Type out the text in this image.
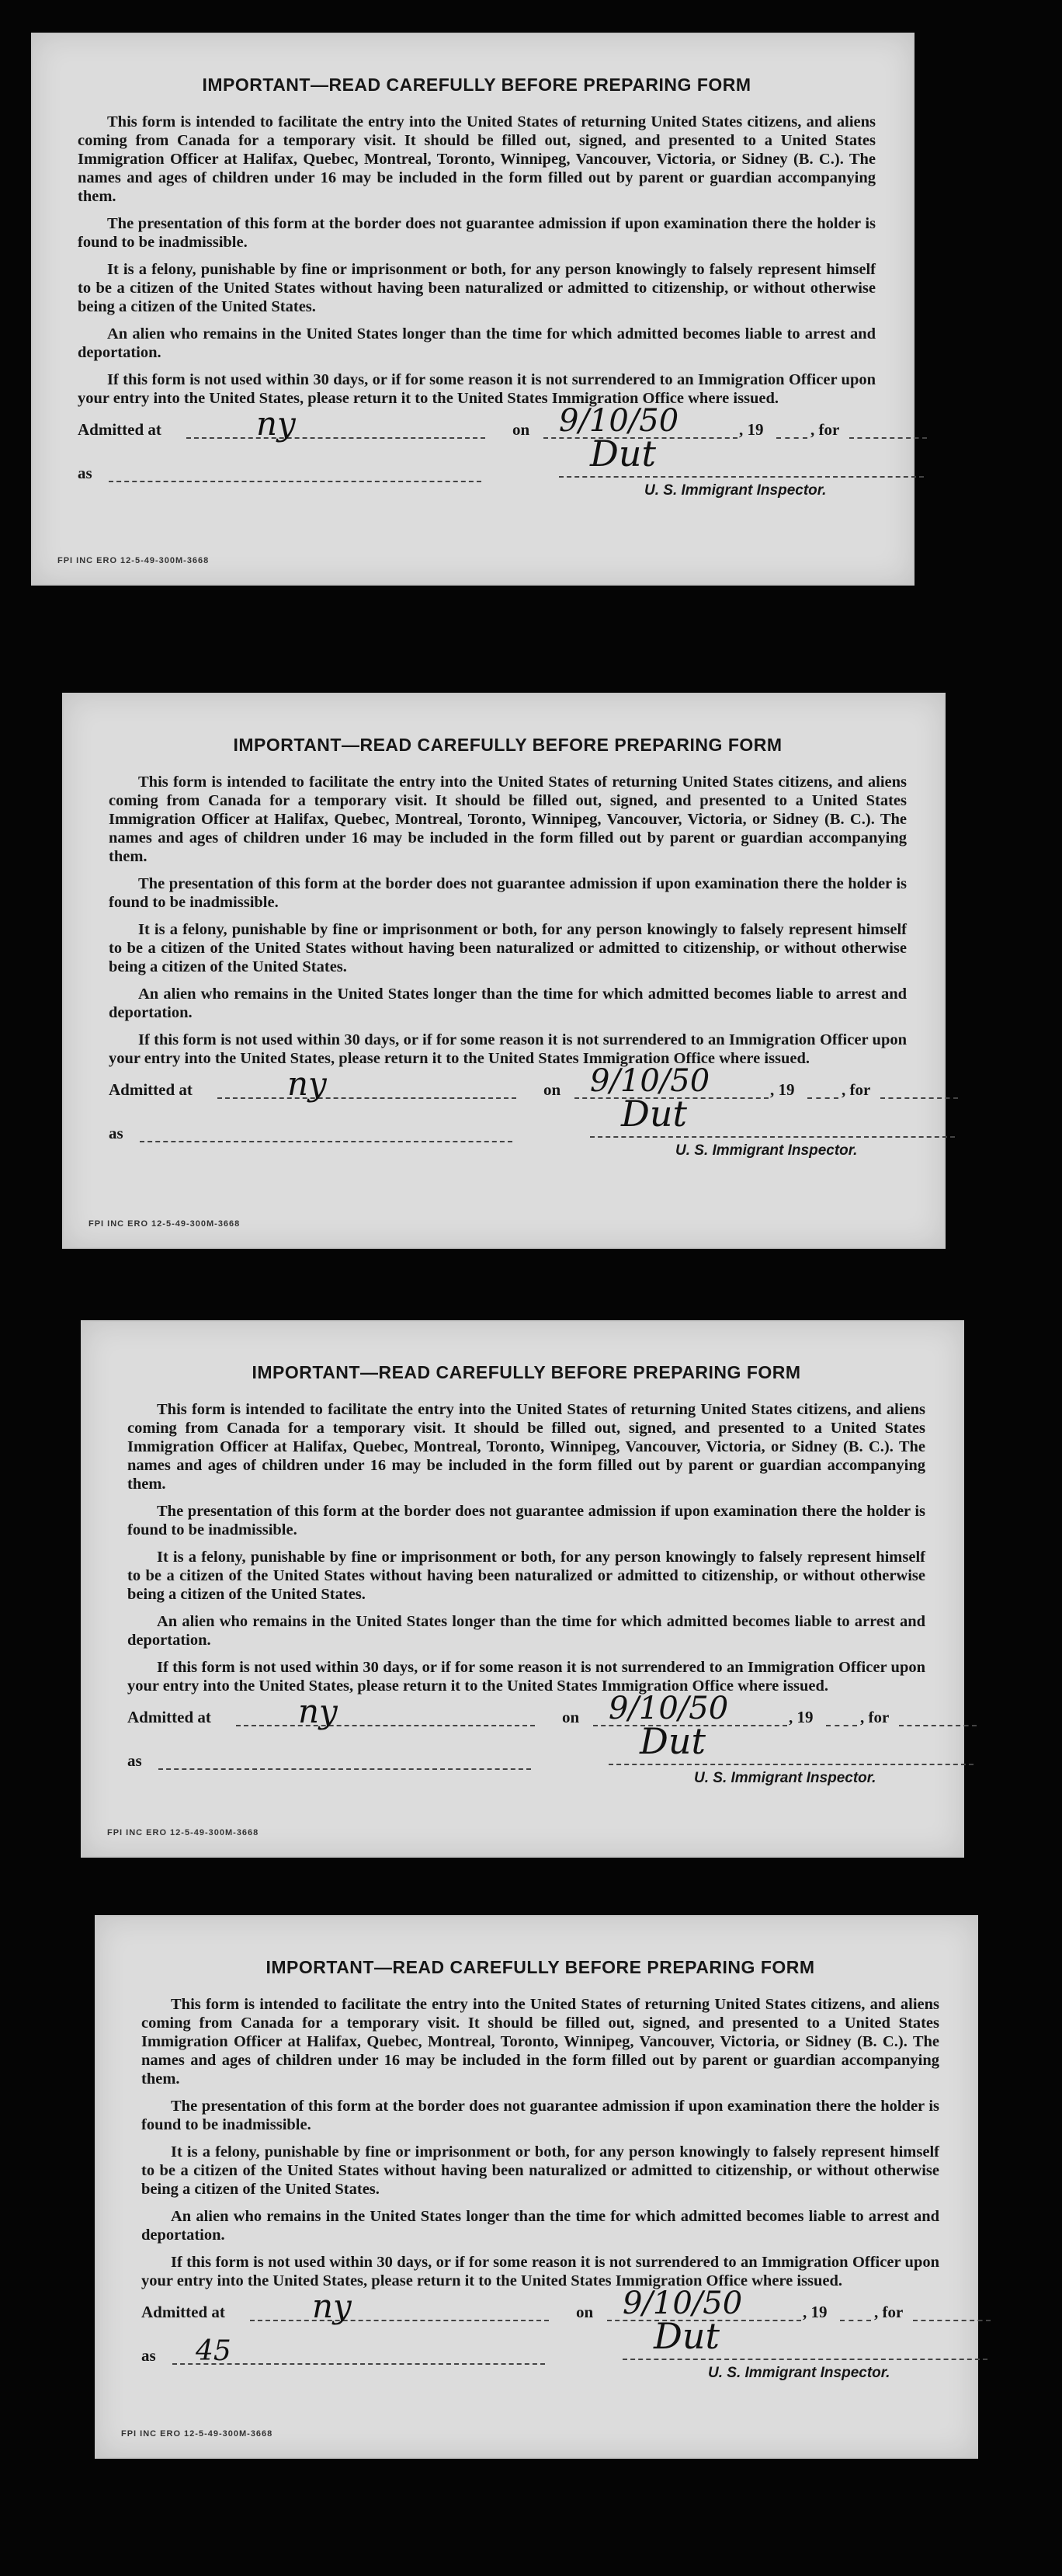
IMPORTANT—READ CAREFULLY BEFORE PREPARING FORM

This form is intended to facilitate the entry into the United States of returning United States citizens, and aliens coming from Canada for a temporary visit. It should be filled out, signed, and presented to a United States Immigration Officer at Halifax, Quebec, Montreal, Toronto, Winnipeg, Vancouver, Victoria, or Sidney (B. C.). The names and ages of children under 16 may be included in the form filled out by parent or guardian accompanying them.

The presentation of this form at the border does not guarantee admission if upon examination there the holder is found to be inadmissible.

It is a felony, punishable by fine or imprisonment or both, for any person knowingly to falsely represent himself to be a citizen of the United States without having been naturalized or admitted to citizenship, or without otherwise being a citizen of the United States.

An alien who remains in the United States longer than the time for which admitted becomes liable to arrest and deportation.

If this form is not used within 30 days, or if for some reason it is not surrendered to an Immigration Officer upon your entry into the United States, please return it to the United States Immigration Office where issued.

Admitted at	ny	on 9/10/50	, 19	, for
as	Dut
U. S. Immigrant Inspector.
FPI INC ERO 12-5-49-300M-3668
IMPORTANT—READ CAREFULLY BEFORE PREPARING FORM

This form is intended to facilitate the entry into the United States of returning United States citizens, and aliens coming from Canada for a temporary visit. It should be filled out, signed, and presented to a United States Immigration Officer at Halifax, Quebec, Montreal, Toronto, Winnipeg, Vancouver, Victoria, or Sidney (B. C.). The names and ages of children under 16 may be included in the form filled out by parent or guardian accompanying them.

The presentation of this form at the border does not guarantee admission if upon examination there the holder is found to be inadmissible.

It is a felony, punishable by fine or imprisonment or both, for any person knowingly to falsely represent himself to be a citizen of the United States without having been naturalized or admitted to citizenship, or without otherwise being a citizen of the United States.

An alien who remains in the United States longer than the time for which admitted becomes liable to arrest and deportation.

If this form is not used within 30 days, or if for some reason it is not surrendered to an Immigration Officer upon your entry into the United States, please return it to the United States Immigration Office where issued.

Admitted at	ny	on 9/10/50	, 19	, for
as	Dut
U. S. Immigrant Inspector.
FPI INC ERO 12-5-49-300M-3668
IMPORTANT—READ CAREFULLY BEFORE PREPARING FORM

This form is intended to facilitate the entry into the United States of returning United States citizens, and aliens coming from Canada for a temporary visit. It should be filled out, signed, and presented to a United States Immigration Officer at Halifax, Quebec, Montreal, Toronto, Winnipeg, Vancouver, Victoria, or Sidney (B. C.). The names and ages of children under 16 may be included in the form filled out by parent or guardian accompanying them.

The presentation of this form at the border does not guarantee admission if upon examination there the holder is found to be inadmissible.

It is a felony, punishable by fine or imprisonment or both, for any person knowingly to falsely represent himself to be a citizen of the United States without having been naturalized or admitted to citizenship, or without otherwise being a citizen of the United States.

An alien who remains in the United States longer than the time for which admitted becomes liable to arrest and deportation.

If this form is not used within 30 days, or if for some reason it is not surrendered to an Immigration Officer upon your entry into the United States, please return it to the United States Immigration Office where issued.

Admitted at	ny	on 9/10/50	, 19	, for
as	Dut
U. S. Immigrant Inspector.
FPI INC ERO 12-5-49-300M-3668
IMPORTANT—READ CAREFULLY BEFORE PREPARING FORM

This form is intended to facilitate the entry into the United States of returning United States citizens, and aliens coming from Canada for a temporary visit. It should be filled out, signed, and presented to a United States Immigration Officer at Halifax, Quebec, Montreal, Toronto, Winnipeg, Vancouver, Victoria, or Sidney (B. C.). The names and ages of children under 16 may be included in the form filled out by parent or guardian accompanying them.

The presentation of this form at the border does not guarantee admission if upon examination there the holder is found to be inadmissible.

It is a felony, punishable by fine or imprisonment or both, for any person knowingly to falsely represent himself to be a citizen of the United States without having been naturalized or admitted to citizenship, or without otherwise being a citizen of the United States.

An alien who remains in the United States longer than the time for which admitted becomes liable to arrest and deportation.

If this form is not used within 30 days, or if for some reason it is not surrendered to an Immigration Officer upon your entry into the United States, please return it to the United States Immigration Office where issued.

Admitted at	ny	on 9/10/50	, 19	, for
as 45	Dut
U. S. Immigrant Inspector.
FPI INC ERO 12-5-49-300M-3668
